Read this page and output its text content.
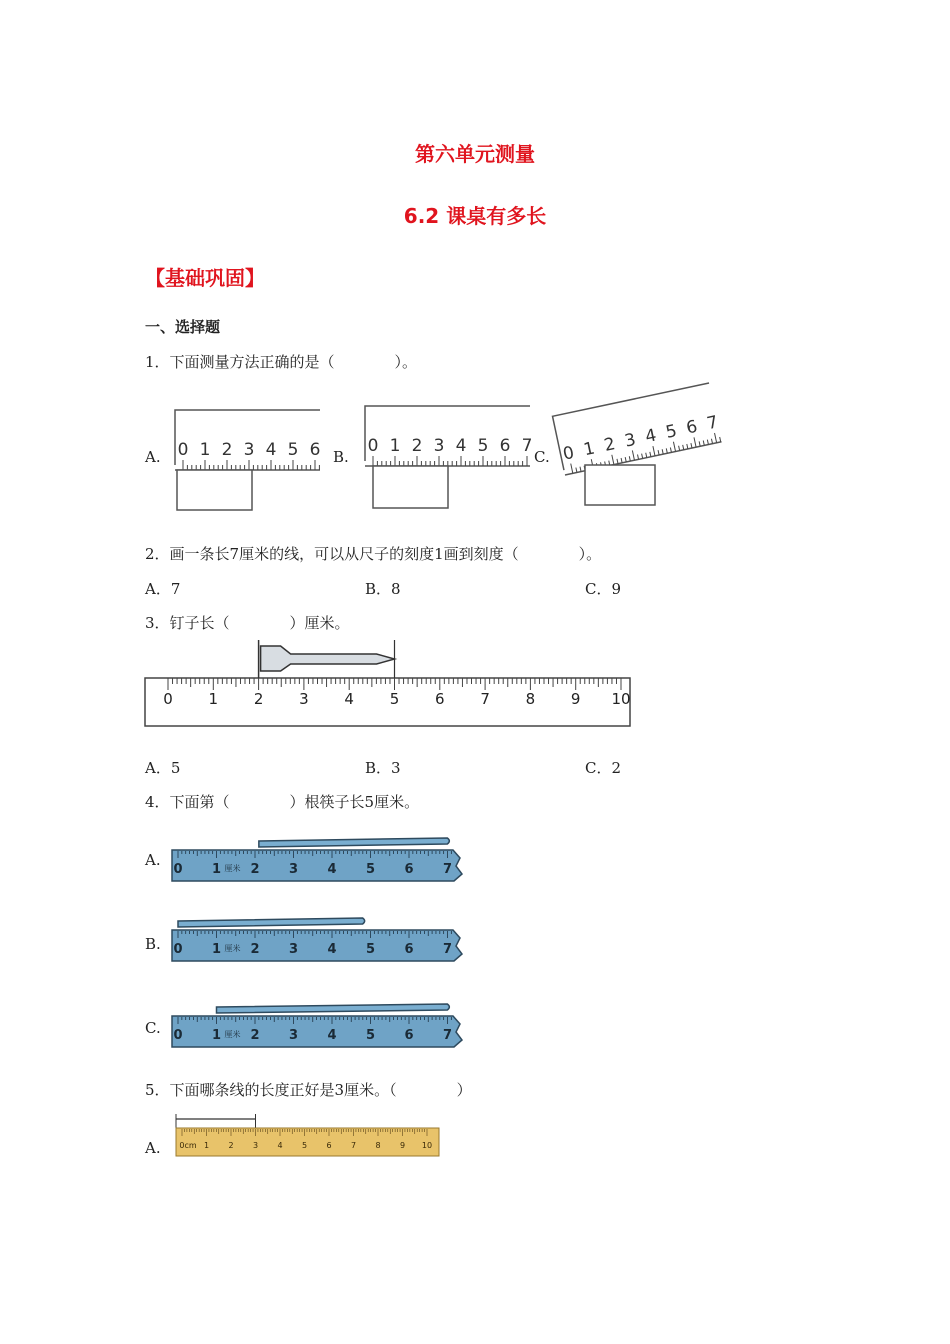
第六单元测量
6.2 课桌有多长
【基础巩固】
一、选择题
1．下面测量方法正确的是（　　　　）。
A.	B.	C.
0 1 2 3 4 5 6	0 1 2 3 4 5 6 7 0 1 2 3 4 5 6 7
2．画一条长7厘米的线，可以从尺子的刻度1画到刻度（　　　　）。
A．7	B．8	C．9
3．钉子长（　　　　）厘米。
0 1 2 3 4 5 6 7 8 9 10
A．5	B．3	C．2
4．下面第（　　　　）根筷子长5厘米。
A.
B.
C.
0 1 2 3 4 5 6 7
厘米
0 1 2 3 4 5 6 7
厘米
0 1 2 3 4 5 6 7
厘米
5．下面哪条线的长度正好是3厘米。（　　　　）
A. 0cm 1 2 3 4 5 6 7 8 9 10
